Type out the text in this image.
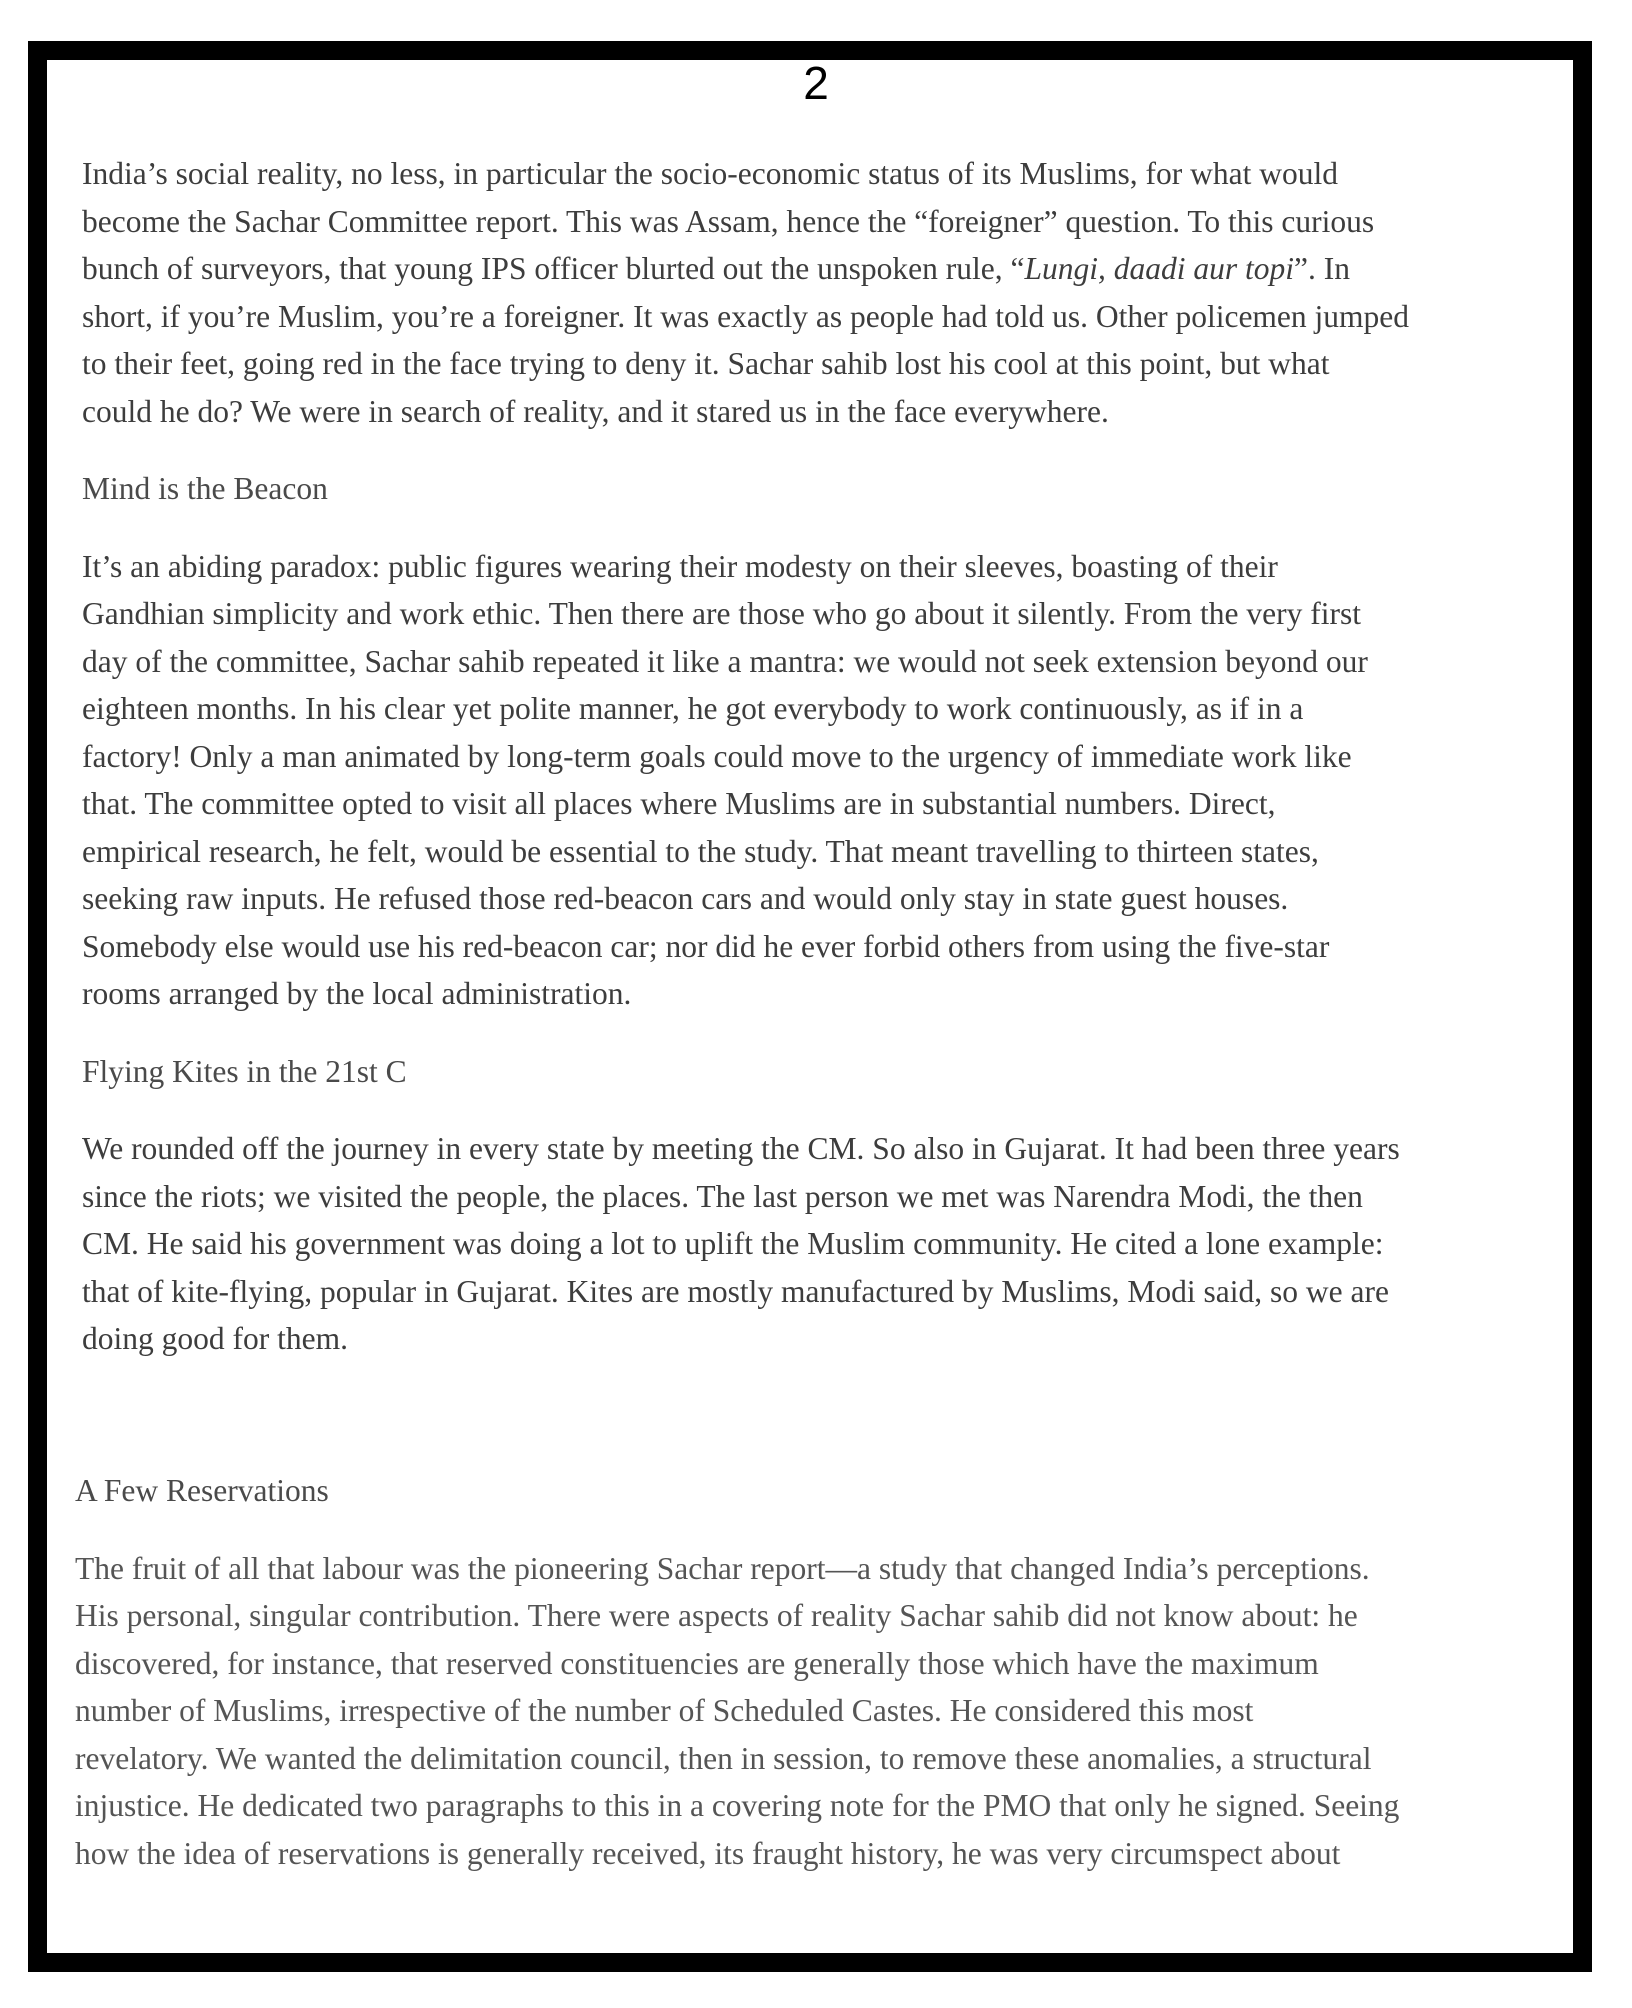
2

India’s social reality, no less, in particular the socio-economic status of its Muslims, for what would
become the Sachar Committee report. This was Assam, hence the “foreigner” question. To this curious
bunch of surveyors, that young IPS officer blurted out the unspoken rule, “Lungi, daadi aur topi”. In
short, if you’re Muslim, you’re a foreigner. It was exactly as people had told us. Other policemen jumped
to their feet, going red in the face trying to deny it. Sachar sahib lost his cool at this point, but what
could he do? We were in search of reality, and it stared us in the face everywhere.

Mind is the Beacon

It’s an abiding paradox: public figures wearing their modesty on their sleeves, boasting of their
Gandhian simplicity and work ethic. Then there are those who go about it silently. From the very first
day of the committee, Sachar sahib repeated it like a mantra: we would not seek extension beyond our
eighteen months. In his clear yet polite manner, he got everybody to work continuously, as if in a
factory! Only a man animated by long-term goals could move to the urgency of immediate work like
that. The committee opted to visit all places where Muslims are in substantial numbers. Direct,
empirical research, he felt, would be essential to the study. That meant travelling to thirteen states,
seeking raw inputs. He refused those red-beacon cars and would only stay in state guest houses.
Somebody else would use his red-beacon car; nor did he ever forbid others from using the five-star
rooms arranged by the local administration.

Flying Kites in the 21st C

We rounded off the journey in every state by meeting the CM. So also in Gujarat. It had been three years
since the riots; we visited the people, the places. The last person we met was Narendra Modi, the then
CM. He said his government was doing a lot to uplift the Muslim community. He cited a lone example:
that of kite-flying, popular in Gujarat. Kites are mostly manufactured by Muslims, Modi said, so we are
doing good for them.

A Few Reservations

The fruit of all that labour was the pioneering Sachar report—a study that changed India’s perceptions.
His personal, singular contribution. There were aspects of reality Sachar sahib did not know about: he
discovered, for instance, that reserved constituencies are generally those which have the maximum
number of Muslims, irrespective of the number of Scheduled Castes. He considered this most
revelatory. We wanted the delimitation council, then in session, to remove these anomalies, a structural
injustice. He dedicated two paragraphs to this in a covering note for the PMO that only he signed. Seeing
how the idea of reservations is generally received, its fraught history, he was very circumspect about
